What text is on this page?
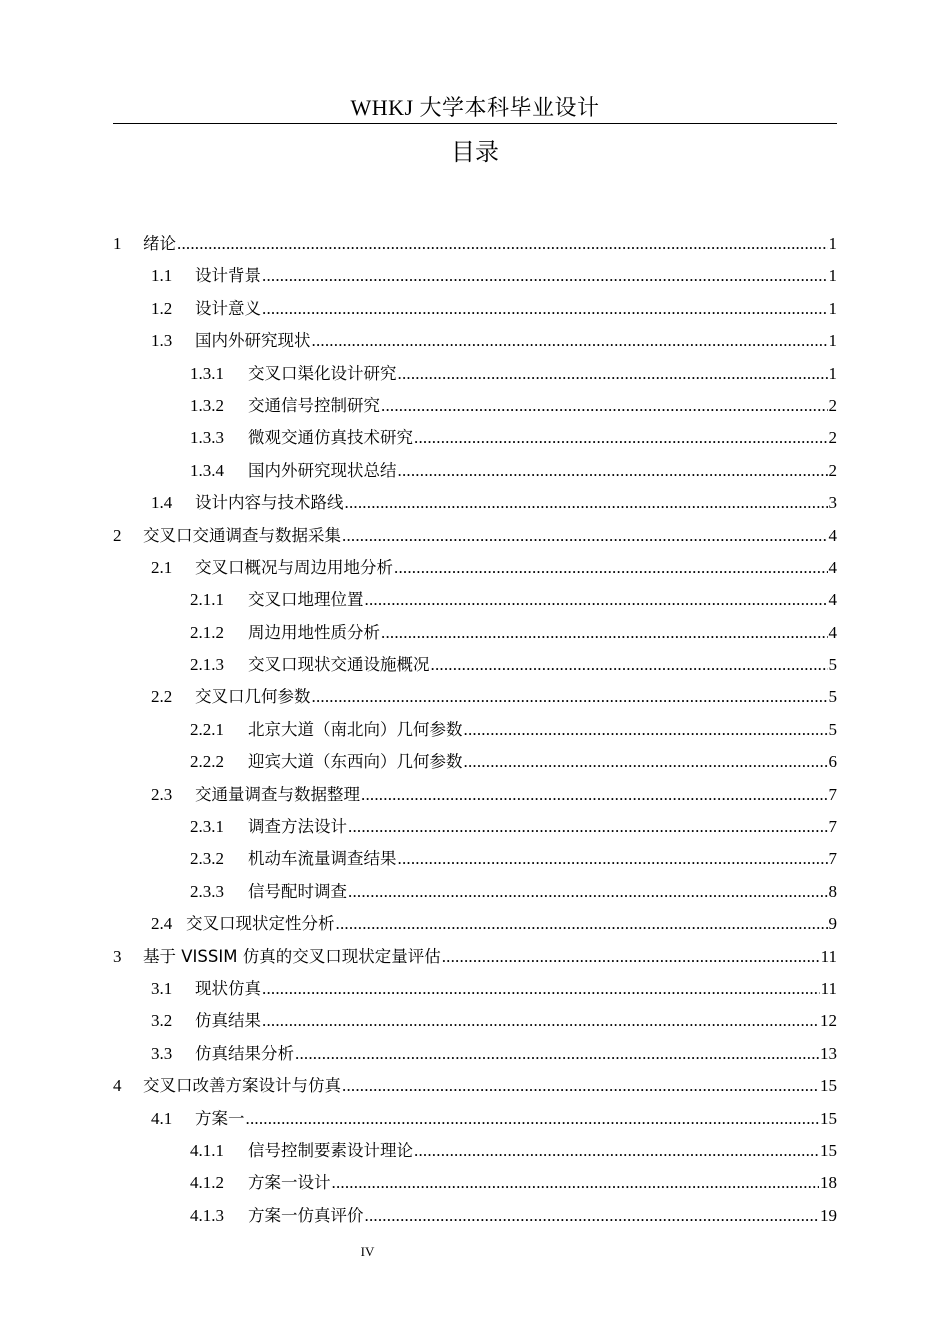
WHKJ 大学本科毕业设计
目录
1	绪论 .....	1
1.1	设计背景 .....	1
1.2	设计意义 .....	1
1.3	国内外研究现状 .....	1
1.3.1	交叉口渠化设计研究 .....	1
1.3.2	交通信号控制研究 .....	2
1.3.3	微观交通仿真技术研究 .....	2
1.3.4	国内外研究现状总结 .....	2
1.4	设计内容与技术路线 .....	3
2	交叉口交通调查与数据采集 .....	4
2.1	交叉口概况与周边用地分析 .....	4
2.1.1	交叉口地理位置 .....	4
2.1.2	周边用地性质分析 .....	4
2.1.3	交叉口现状交通设施概况 .....	5
2.2	交叉口几何参数 .....	5
2.2.1	北京大道（南北向）几何参数 .....	5
2.2.2	迎宾大道（东西向）几何参数 .....	6
2.3	交通量调查与数据整理 .....	7
2.3.1	调查方法设计 .....	7
2.3.2	机动车流量调查结果 .....	7
2.3.3	信号配时调查 .....	8
2.4 交叉口现状定性分析 .....	9
3	基于 VISSIM 仿真的交叉口现状定量评估 .....	11
3.1	现状仿真 .....	11
3.2	仿真结果 .....	12
3.3	仿真结果分析 .....	13
4	交叉口改善方案设计与仿真 .....	15
4.1	方案一 .....	15
4.1.1	信号控制要素设计理论 .....	15
4.1.2	方案一设计 .....	18
4.1.3	方案一仿真评价 .....	19
IV
